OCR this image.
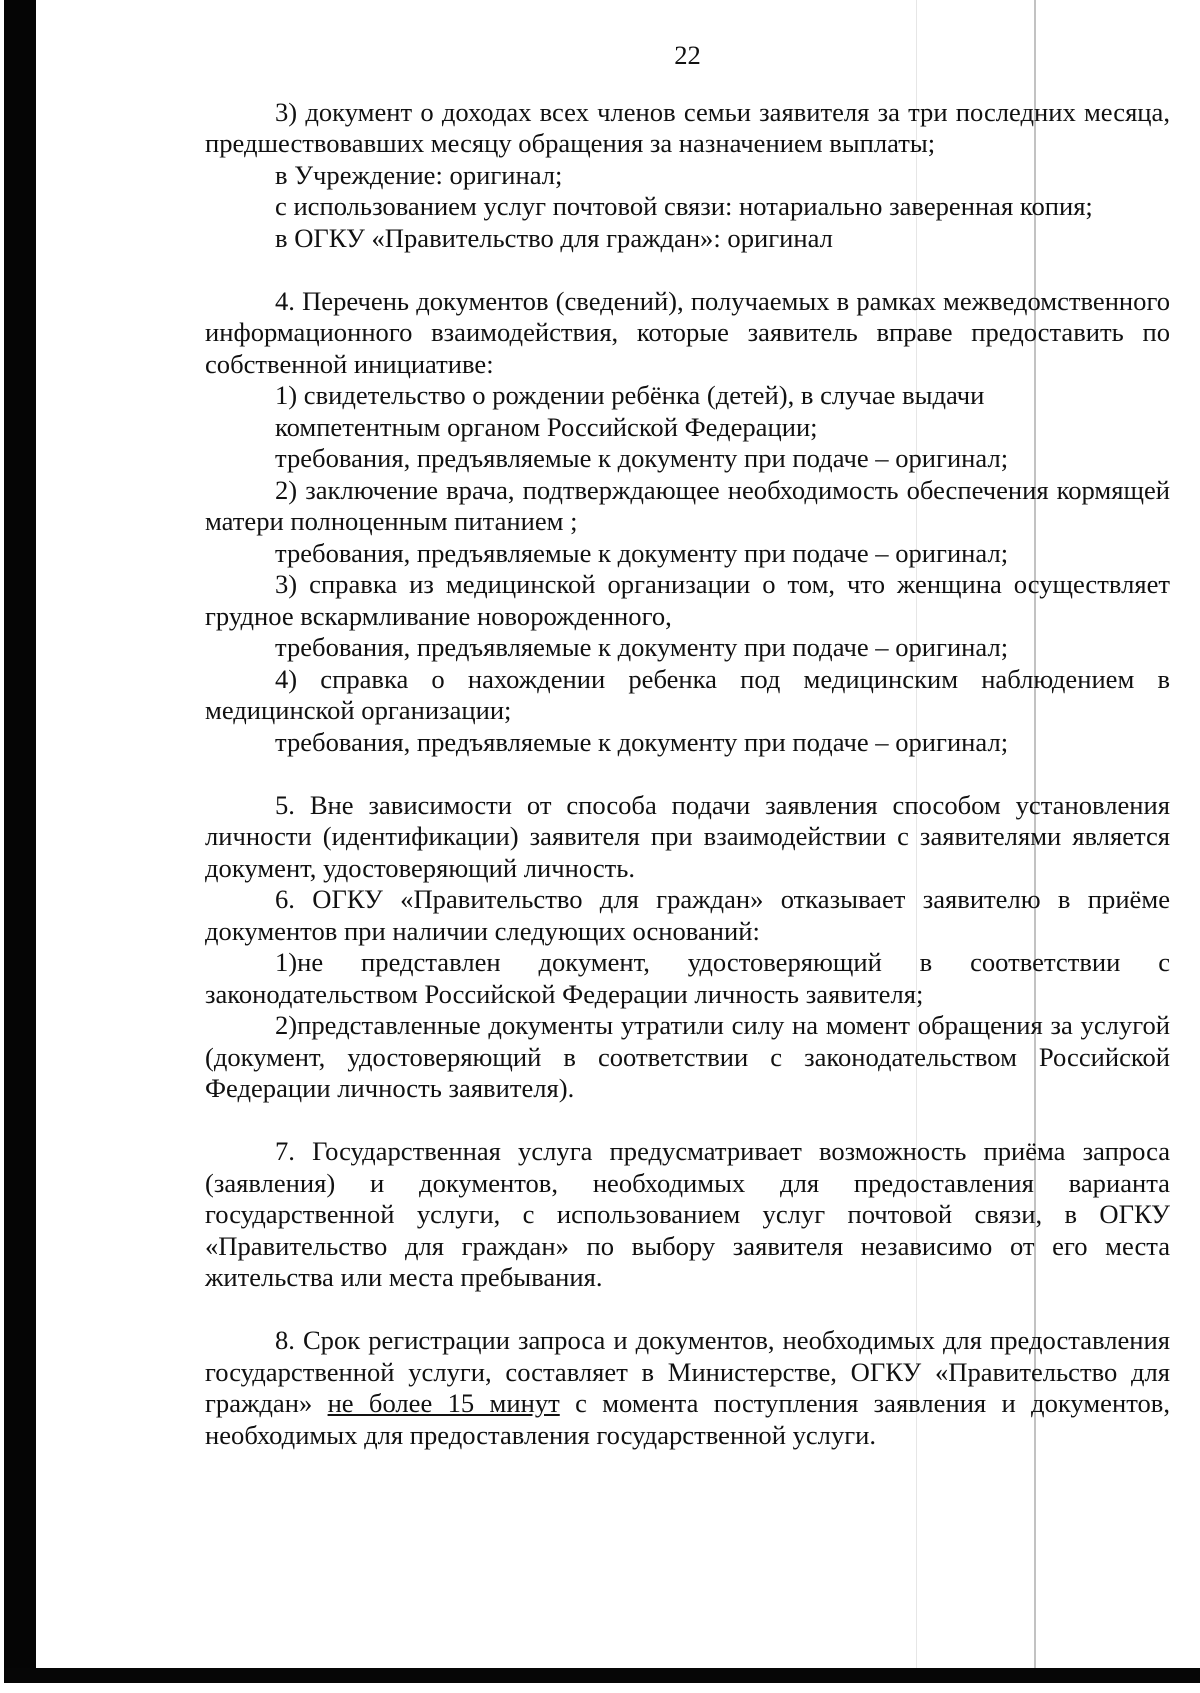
22

3) документ о доходах всех членов семьи заявителя за три последних месяца, предшествовавших месяцу обращения за назначением выплаты;

в Учреждение: оригинал;

с использованием услуг почтовой связи: нотариально заверенная копия;

в ОГКУ «Правительство для граждан»: оригинал

4. Перечень документов (сведений), получаемых в рамках межведомственного информационного взаимодействия, которые заявитель вправе предоставить по собственной инициативе:

1) свидетельство о рождении ребёнка (детей), в случае выдачи

компетентным органом Российской Федерации;

требования, предъявляемые к документу при подаче – оригинал;

2) заключение врача, подтверждающее необходимость обеспечения кормящей матери полноценным питанием ;

требования, предъявляемые к документу при подаче – оригинал;

3) справка из медицинской организации о том, что женщина осуществляет грудное вскармливание новорожденного,

требования, предъявляемые к документу при подаче – оригинал;

4) справка о нахождении ребенка под медицинским наблюдением в медицинской организации;

требования, предъявляемые к документу при подаче – оригинал;

5. Вне зависимости от способа подачи заявления способом установления личности (идентификации) заявителя при взаимодействии с заявителями является документ, удостоверяющий личность.

6. ОГКУ «Правительство для граждан» отказывает заявителю в приёме документов при наличии следующих оснований:

1)не представлен документ, удостоверяющий в соответствии с законодательством Российской Федерации личность заявителя;

2)представленные документы утратили силу на момент обращения за услугой (документ, удостоверяющий в соответствии с законодательством Российской Федерации личность заявителя).

7. Государственная услуга предусматривает возможность приёма запроса (заявления) и документов, необходимых для предоставления варианта государственной услуги, с использованием услуг почтовой связи, в ОГКУ «Правительство для граждан» по выбору заявителя независимо от его места жительства или места пребывания.

8. Срок регистрации запроса и документов, необходимых для предоставления государственной услуги, составляет в Министерстве, ОГКУ «Правительство для граждан» не более 15 минут с момента поступления заявления и документов, необходимых для предоставления государственной услуги.
